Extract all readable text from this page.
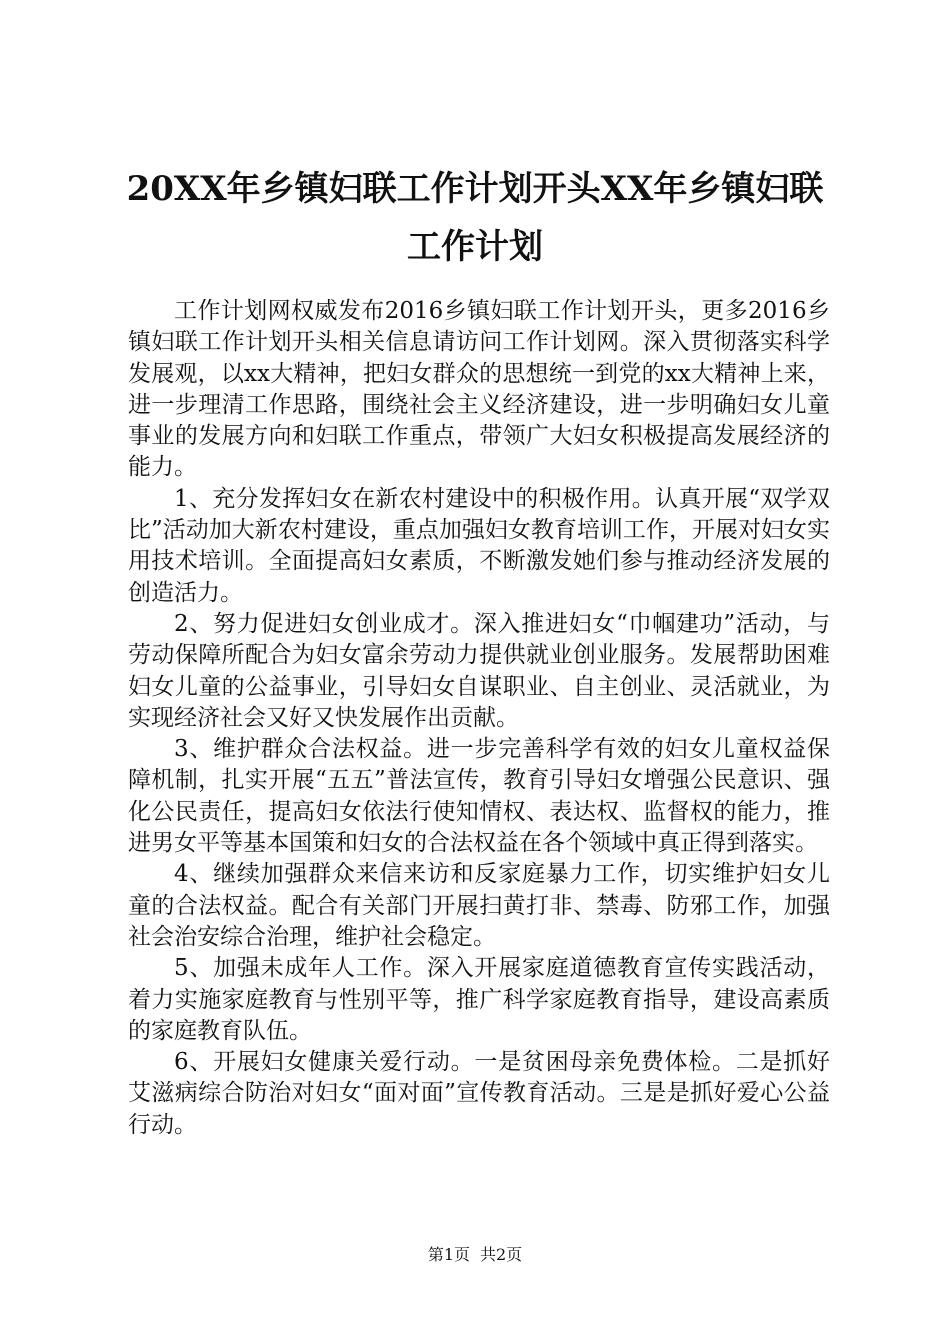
20XX年乡镇妇联工作计划开头XX年乡镇妇联工作计划

工作计划网权威发布2016乡镇妇联工作计划开头，更多2016乡镇妇联工作计划开头相关信息请访问工作计划网。深入贯彻落实科学发展观，以xx大精神，把妇女群众的思想统一到党的xx大精神上来，进一步理清工作思路，围绕社会主义经济建设，进一步明确妇女儿童事业的发展方向和妇联工作重点，带领广大妇女积极提高发展经济的能力。

1、充分发挥妇女在新农村建设中的积极作用。认真开展“双学双比”活动加大新农村建设，重点加强妇女教育培训工作，开展对妇女实用技术培训。全面提高妇女素质，不断激发她们参与推动经济发展的创造活力。

2、努力促进妇女创业成才。深入推进妇女“巾帼建功”活动，与劳动保障所配合为妇女富余劳动力提供就业创业服务。发展帮助困难妇女儿童的公益事业，引导妇女自谋职业、自主创业、灵活就业，为实现经济社会又好又快发展作出贡献。

3、维护群众合法权益。进一步完善科学有效的妇女儿童权益保障机制，扎实开展“五五”普法宣传，教育引导妇女增强公民意识、强化公民责任，提高妇女依法行使知情权、表达权、监督权的能力，推进男女平等基本国策和妇女的合法权益在各个领域中真正得到落实。

4、继续加强群众来信来访和反家庭暴力工作，切实维护妇女儿童的合法权益。配合有关部门开展扫黄打非、禁毒、防邪工作，加强社会治安综合治理，维护社会稳定。

5、加强未成年人工作。深入开展家庭道德教育宣传实践活动，着力实施家庭教育与性别平等，推广科学家庭教育指导，建设高素质的家庭教育队伍。

6、开展妇女健康关爱行动。一是贫困母亲免费体检。二是抓好艾滋病综合防治对妇女“面对面”宣传教育活动。三是是抓好爱心公益行动。

第1页 共2页
